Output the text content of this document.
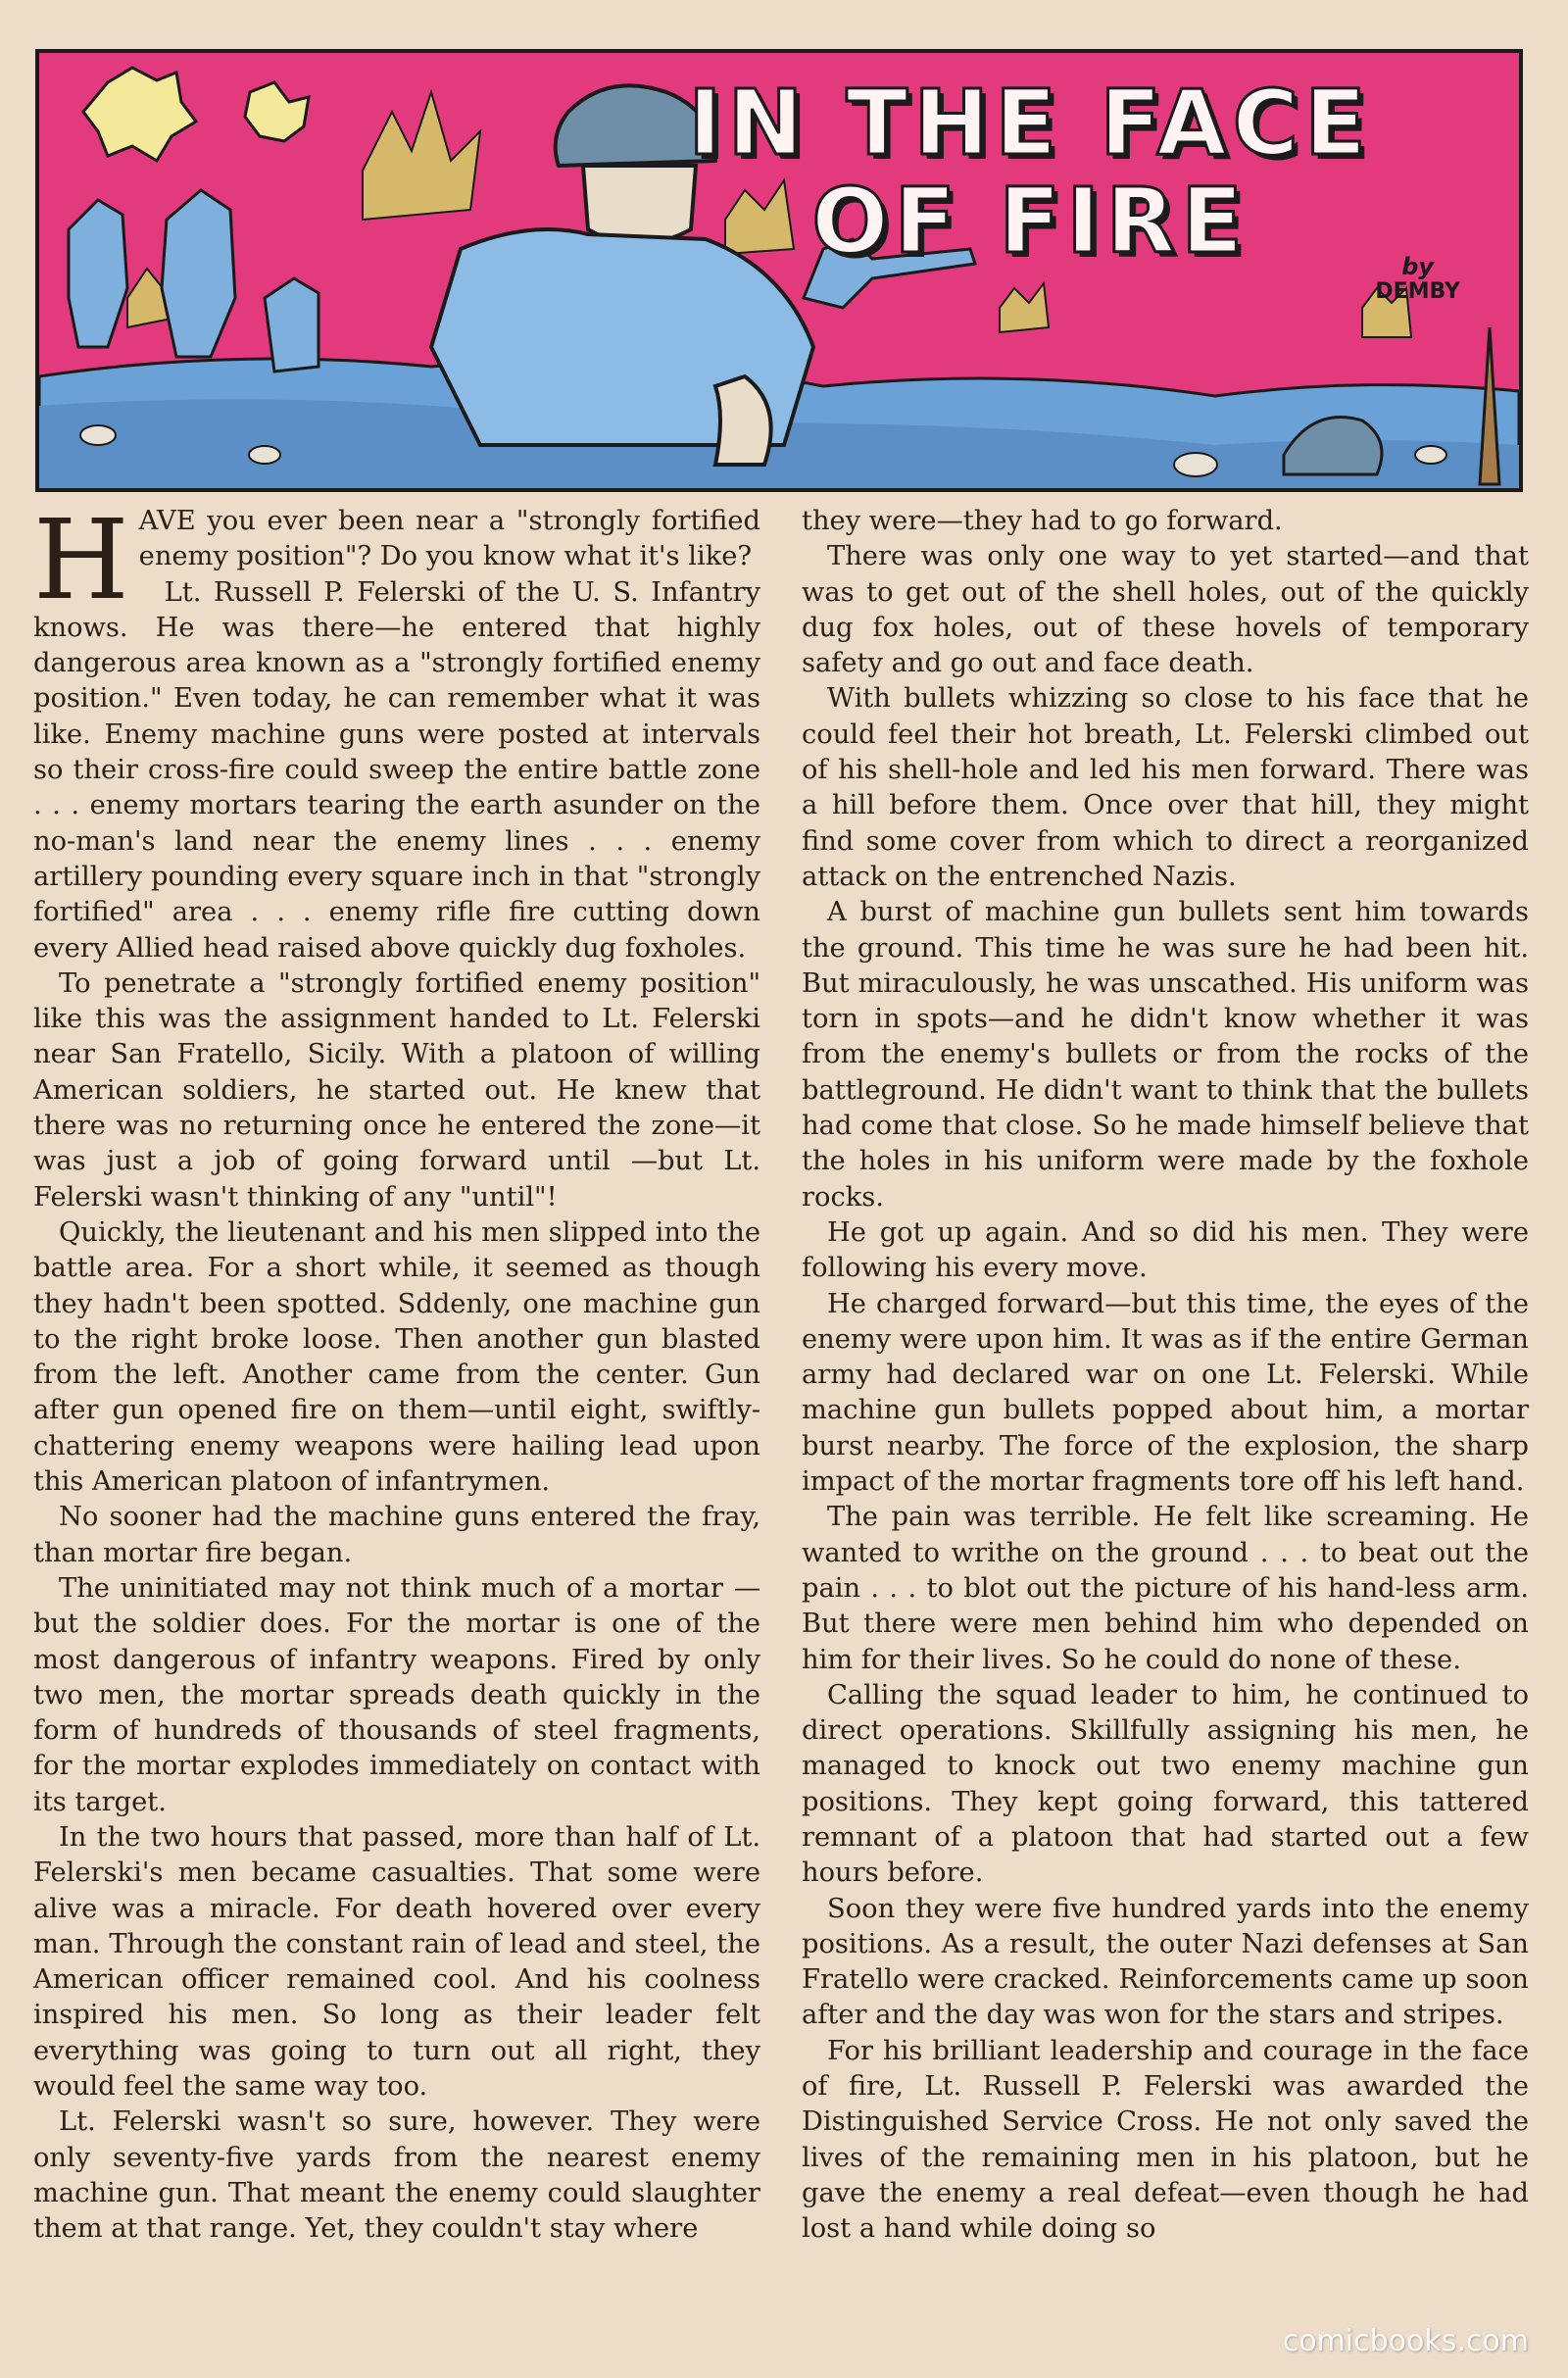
IN THE FACE
OF FIRE	by
DEMBY

HAVE you ever been near a "strongly fortified enemy position"? Do you know what it's like?

Lt. Russell P. Felerski of the U. S. Infantry knows. He was there—he entered that highly dangerous area known as a "strongly fortified enemy position." Even today, he can remember what it was like. Enemy machine guns were posted at intervals so their cross-fire could sweep the entire battle zone . . . enemy mortars tearing the earth asunder on the no-man's land near the enemy lines . . . enemy artillery pounding every square inch in that "strongly fortified" area . . . enemy rifle fire cutting down every Allied head raised above quickly dug foxholes.

To penetrate a "strongly fortified enemy position" like this was the assignment handed to Lt. Felerski near San Fratello, Sicily. With a platoon of willing American soldiers, he started out. He knew that there was no returning once he entered the zone—it was just a job of going forward until —but Lt. Felerski wasn't thinking of any "until"!

Quickly, the lieutenant and his men slipped into the battle area. For a short while, it seemed as though they hadn't been spotted. Sddenly, one machine gun to the right broke loose. Then another gun blasted from the left. Another came from the center. Gun after gun opened fire on them—until eight, swiftly-chattering enemy weapons were hailing lead upon this American platoon of infantrymen.

No sooner had the machine guns entered the fray, than mortar fire began.

The uninitiated may not think much of a mortar —but the soldier does. For the mortar is one of the most dangerous of infantry weapons. Fired by only two men, the mortar spreads death quickly in the form of hundreds of thousands of steel fragments, for the mortar explodes immediately on contact with its target.

In the two hours that passed, more than half of Lt. Felerski's men became casualties. That some were alive was a miracle. For death hovered over every man. Through the constant rain of lead and steel, the American officer remained cool. And his coolness inspired his men. So long as their leader felt everything was going to turn out all right, they would feel the same way too.

Lt. Felerski wasn't so sure, however. They were only seventy-five yards from the nearest enemy machine gun. That meant the enemy could slaughter them at that range. Yet, they couldn't stay where

they were—they had to go forward.

There was only one way to yet started—and that was to get out of the shell holes, out of the quickly dug fox holes, out of these hovels of temporary safety and go out and face death.

With bullets whizzing so close to his face that he could feel their hot breath, Lt. Felerski climbed out of his shell-hole and led his men forward. There was a hill before them. Once over that hill, they might find some cover from which to direct a reorganized attack on the entrenched Nazis.

A burst of machine gun bullets sent him towards the ground. This time he was sure he had been hit. But miraculously, he was unscathed. His uniform was torn in spots—and he didn't know whether it was from the enemy's bullets or from the rocks of the battleground. He didn't want to think that the bullets had come that close. So he made himself believe that the holes in his uniform were made by the foxhole rocks.

He got up again. And so did his men. They were following his every move.

He charged forward—but this time, the eyes of the enemy were upon him. It was as if the entire German army had declared war on one Lt. Felerski. While machine gun bullets popped about him, a mortar burst nearby. The force of the explosion, the sharp impact of the mortar fragments tore off his left hand.

The pain was terrible. He felt like screaming. He wanted to writhe on the ground . . . to beat out the pain . . . to blot out the picture of his hand-less arm. But there were men behind him who depended on him for their lives. So he could do none of these.

Calling the squad leader to him, he continued to direct operations. Skillfully assigning his men, he managed to knock out two enemy machine gun positions. They kept going forward, this tattered remnant of a platoon that had started out a few hours before.

Soon they were five hundred yards into the enemy positions. As a result, the outer Nazi defenses at San Fratello were cracked. Reinforcements came up soon after and the day was won for the stars and stripes.

For his brilliant leadership and courage in the face of fire, Lt. Russell P. Felerski was awarded the Distinguished Service Cross. He not only saved the lives of the remaining men in his platoon, but he gave the enemy a real defeat—even though he had lost a hand while doing so

comicbooks.com
